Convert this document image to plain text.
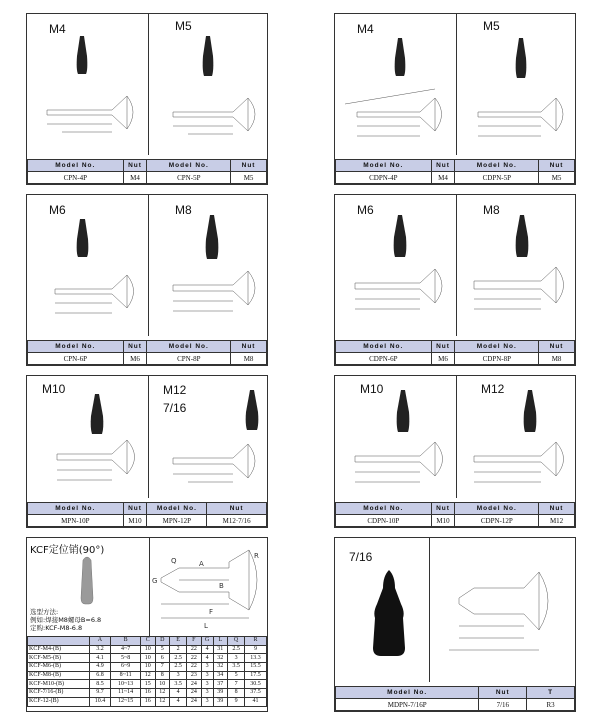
M4	M5
Model No.	Nut	Model No.	Nut
CPN-4P	M4	CPN-5P	M5
M4	M5
Model No.	Nut	Model No.	Nut
CDPN-4P	M4	CDPN-5P	M5
M6	M8
Model No.	Nut	Model No.	Nut
CPN-6P	M6	CPN-8P	M8
M6	M8
Model No.	Nut	Model No.	Nut
CDPN-6P	M6	CDPN-8P	M8
M10	M12
7/16
Model No.	Nut	Model No.	Nut
MPN-10P	M10	MPN-12P	M12·7/16
M10	M12
Model No.	Nut	Model No.	Nut
CDPN-10P	M10	CDPN-12P	M12
KCF定位销(90°)
选型方法:
例如:焊接M8螺母B=6.8
定购:KCF-M8-6.8
A
B
G
F
L
Q
R
	A	B	C	D	E	F	G	L	Q	R
KCF-M4-(B)	3.2	4~7	10	5	2	22	4	31	2.5	9
KCF-M5-(B)	4.1	5~8	10	6	2.5	22	4	32	3	13.3
KCF-M6-(B)	4.9	6~9	10	7	2.5	22	3	32	3.5	15.5
KCF-M8-(B)	6.8	8~11	12	8	3	23	3	34	5	17.5
KCF-M10-(B)	8.5	10~13	15	10	3.5	24	3	37	7	30.5
KCF-7/16-(B)	9.7	11~14	16	12	4	24	3	39	8	37.5
KCF-12-(B)	10.4	12~15	16	12	4	24	3	39	9	41
7/16
Model No.	Nut	T
MDPN-7/16P	7/16	R3
